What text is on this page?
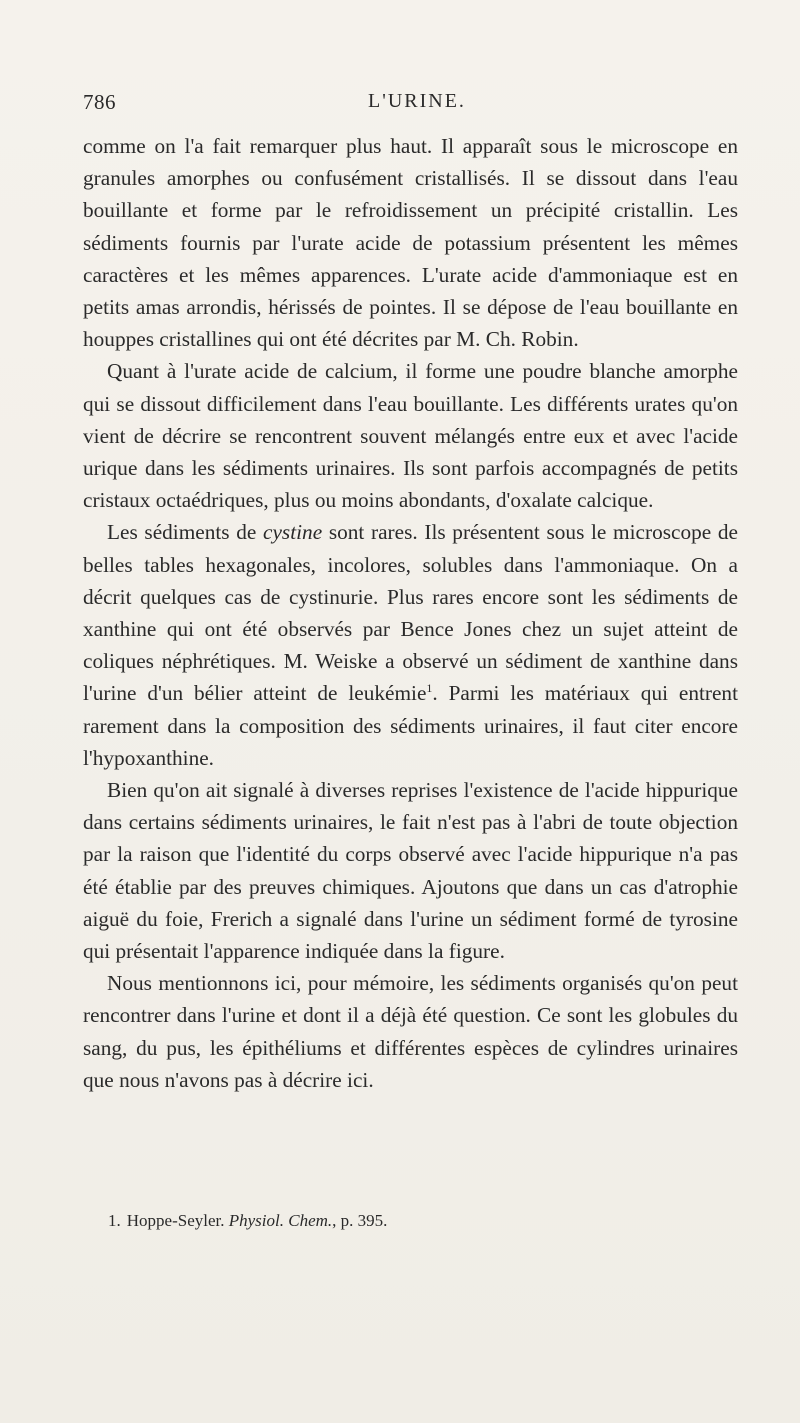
786	L'URINE.

comme on l'a fait remarquer plus haut. Il apparaît sous le microscope en granules amorphes ou confusément cristallisés. Il se dissout dans l'eau bouillante et forme par le refroidissement un précipité cristallin. Les sédiments fournis par l'urate acide de potassium présentent les mêmes caractères et les mêmes apparences. L'urate acide d'ammoniaque est en petits amas arrondis, hérissés de pointes. Il se dépose de l'eau bouillante en houppes cristallines qui ont été décrites par M. Ch. Robin.

Quant à l'urate acide de calcium, il forme une poudre blanche amorphe qui se dissout difficilement dans l'eau bouillante. Les différents urates qu'on vient de décrire se rencontrent souvent mélangés entre eux et avec l'acide urique dans les sédiments urinaires. Ils sont parfois accompagnés de petits cristaux octaédriques, plus ou moins abondants, d'oxalate calcique.

Les sédiments de cystine sont rares. Ils présentent sous le microscope de belles tables hexagonales, incolores, solubles dans l'ammoniaque. On a décrit quelques cas de cystinurie. Plus rares encore sont les sédiments de xanthine qui ont été observés par Bence Jones chez un sujet atteint de coliques néphrétiques. M. Weiske a observé un sédiment de xanthine dans l'urine d'un bélier atteint de leukémie$^1$. Parmi les matériaux qui entrent rarement dans la composition des sédiments urinaires, il faut citer encore l'hypoxanthine.

Bien qu'on ait signalé à diverses reprises l'existence de l'acide hippurique dans certains sédiments urinaires, le fait n'est pas à l'abri de toute objection par la raison que l'identité du corps observé avec l'acide hippurique n'a pas été établie par des preuves chimiques. Ajoutons que dans un cas d'atrophie aiguë du foie, Frerich a signalé dans l'urine un sédiment formé de tyrosine qui présentait l'apparence indiquée dans la figure.

Nous mentionnons ici, pour mémoire, les sédiments organisés qu'on peut rencontrer dans l'urine et dont il a déjà été question. Ce sont les globules du sang, du pus, les épithéliums et différentes espèces de cylindres urinaires que nous n'avons pas à décrire ici.

1. Hoppe-Seyler. Physiol. Chem., p. 395.
